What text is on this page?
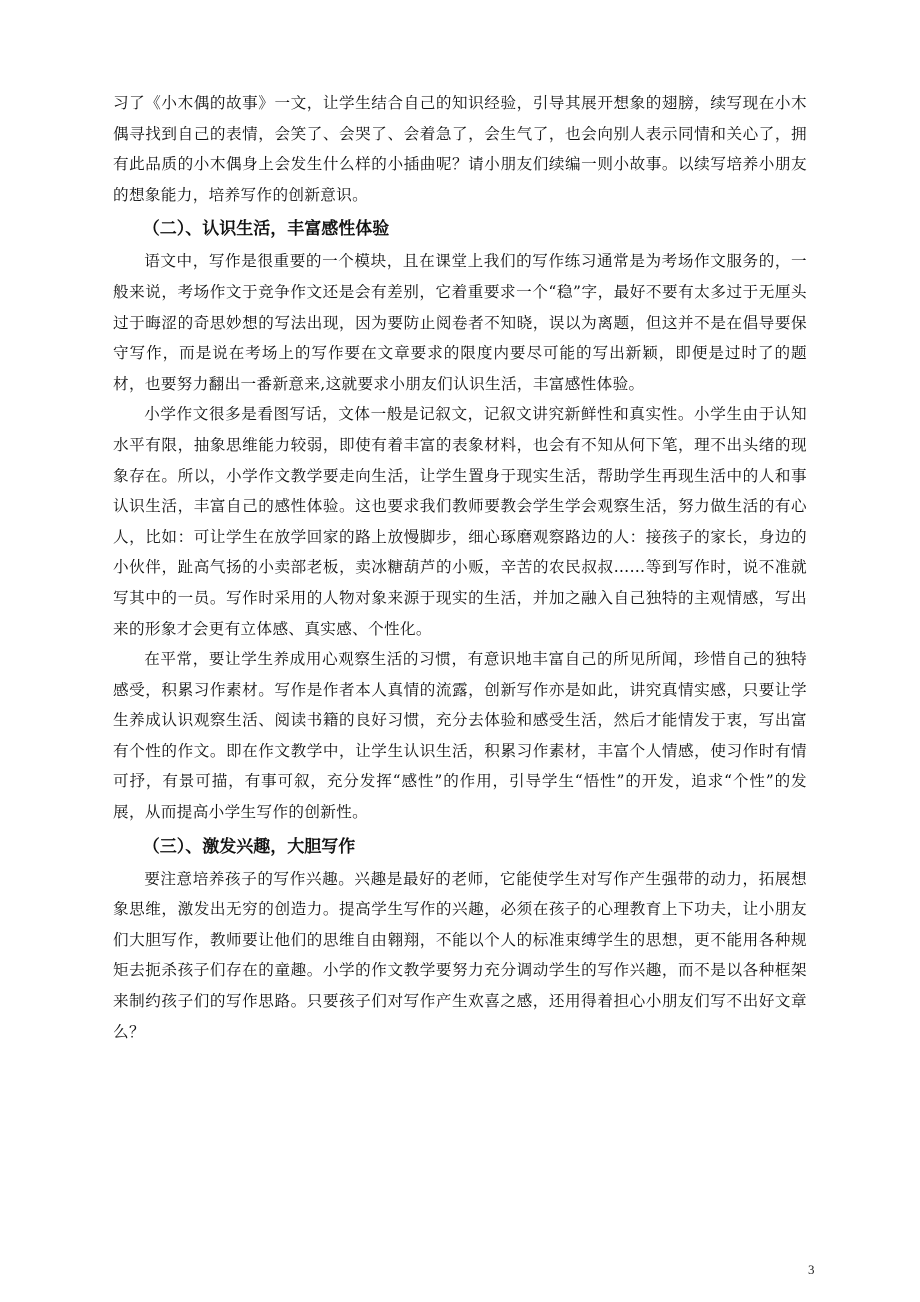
习了《小木偶的故事》一文，让学生结合自己的知识经验，引导其展开想象的翅膀，续写现在小木偶寻找到自己的表情，会笑了、会哭了、会着急了，会生气了，也会向别人表示同情和关心了，拥有此品质的小木偶身上会发生什么样的小插曲呢？请小朋友们续编一则小故事。以续写培养小朋友的想象能力，培养写作的创新意识。

（二）、认识生活，丰富感性体验

语文中，写作是很重要的一个模块，且在课堂上我们的写作练习通常是为考场作文服务的，一般来说，考场作文于竞争作文还是会有差别，它着重要求一个“稳”字，最好不要有太多过于无厘头过于晦涩的奇思妙想的写法出现，因为要防止阅卷者不知晓，误以为离题，但这并不是在倡导要保守写作，而是说在考场上的写作要在文章要求的限度内要尽可能的写出新颖，即便是过时了的题材，也要努力翻出一番新意来,这就要求小朋友们认识生活，丰富感性体验。

小学作文很多是看图写话，文体一般是记叙文，记叙文讲究新鲜性和真实性。小学生由于认知水平有限，抽象思维能力较弱，即使有着丰富的表象材料，也会有不知从何下笔，理不出头绪的现象存在。所以，小学作文教学要走向生活，让学生置身于现实生活，帮助学生再现生活中的人和事认识生活，丰富自己的感性体验。这也要求我们教师要教会学生学会观察生活，努力做生活的有心人，比如：可让学生在放学回家的路上放慢脚步，细心琢磨观察路边的人：接孩子的家长，身边的小伙伴，趾高气扬的小卖部老板，卖冰糖葫芦的小贩，辛苦的农民叔叔……等到写作时，说不准就写其中的一员。写作时采用的人物对象来源于现实的生活，并加之融入自己独特的主观情感，写出来的形象才会更有立体感、真实感、个性化。

在平常，要让学生养成用心观察生活的习惯，有意识地丰富自己的所见所闻，珍惜自己的独特感受，积累习作素材。写作是作者本人真情的流露，创新写作亦是如此，讲究真情实感，只要让学生养成认识观察生活、阅读书籍的良好习惯，充分去体验和感受生活，然后才能情发于衷，写出富有个性的作文。即在作文教学中，让学生认识生活，积累习作素材，丰富个人情感，使习作时有情可抒，有景可描，有事可叙，充分发挥“感性”的作用，引导学生“悟性”的开发，追求“个性”的发展，从而提高小学生写作的创新性。

（三）、激发兴趣，大胆写作

要注意培养孩子的写作兴趣。兴趣是最好的老师，它能使学生对写作产生强带的动力，拓展想象思维，激发出无穷的创造力。提高学生写作的兴趣，必须在孩子的心理教育上下功夫，让小朋友们大胆写作，教师要让他们的思维自由翱翔，不能以个人的标准束缚学生的思想，更不能用各种规矩去扼杀孩子们存在的童趣。小学的作文教学要努力充分调动学生的写作兴趣，而不是以各种框架来制约孩子们的写作思路。只要孩子们对写作产生欢喜之感，还用得着担心小朋友们写不出好文章么？

3
